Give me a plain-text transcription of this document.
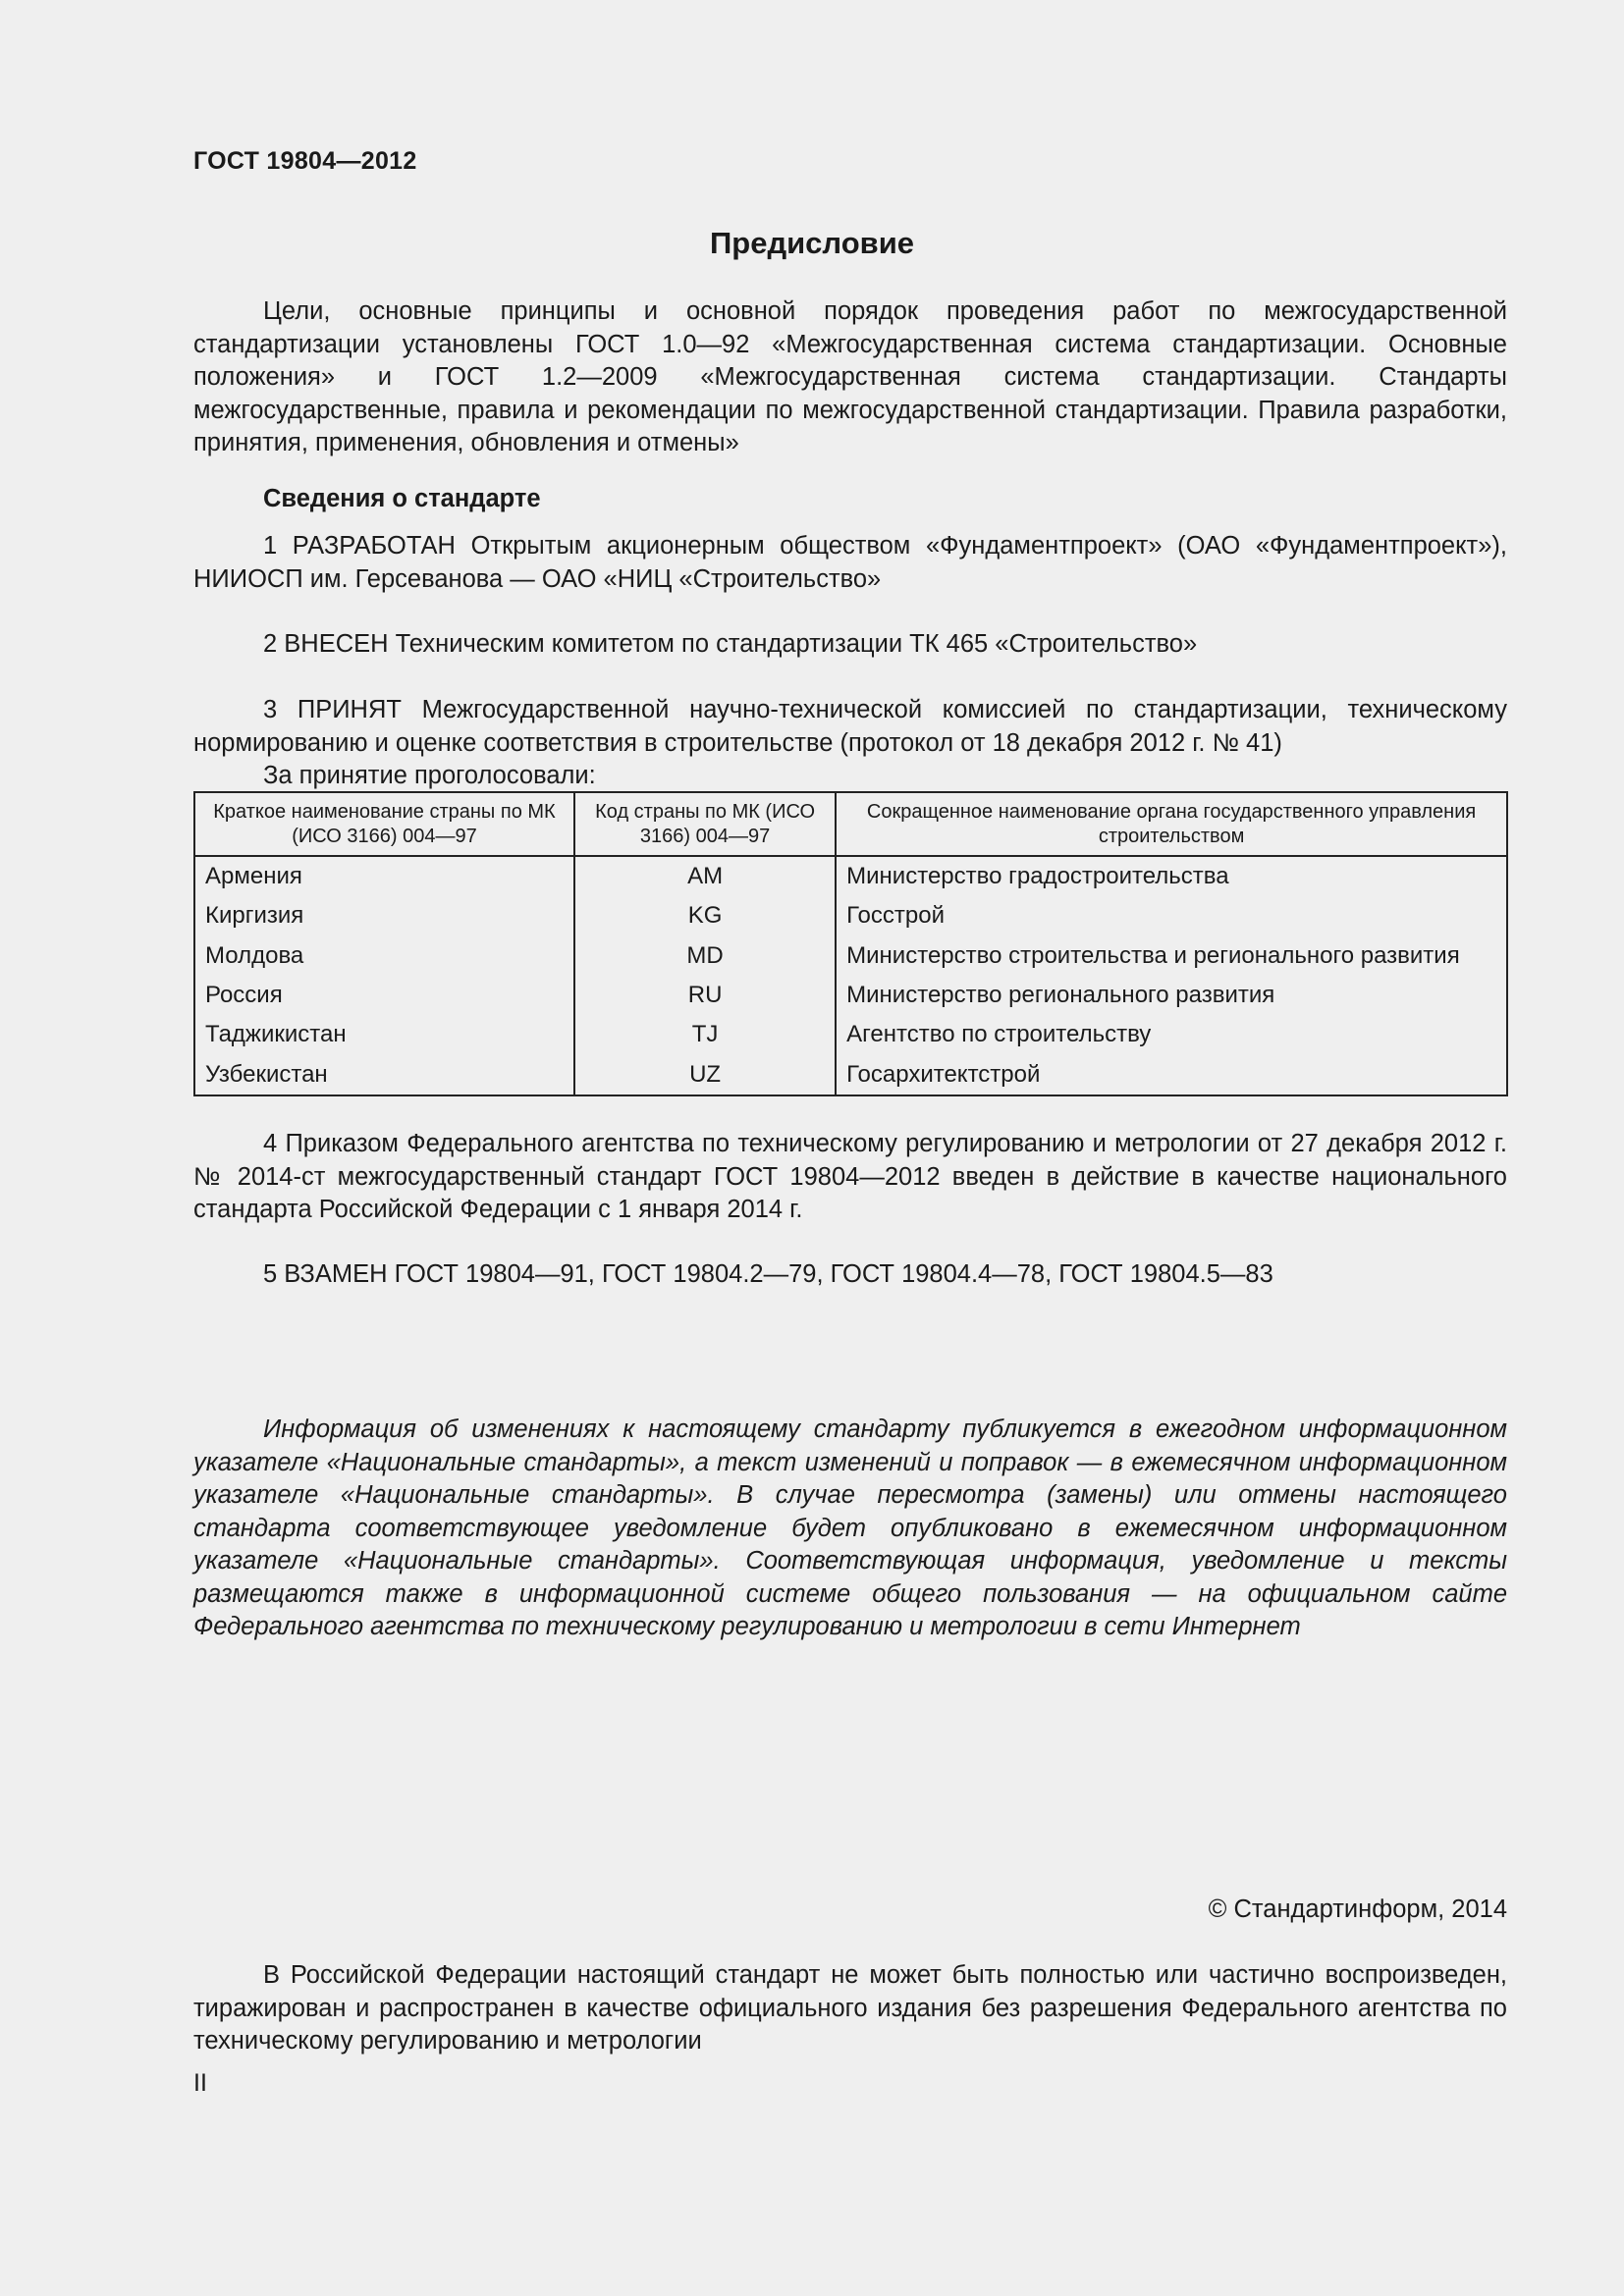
ГОСТ 19804—2012
Предисловие
Цели, основные принципы и основной порядок проведения работ по межгосударственной стандартизации установлены ГОСТ 1.0—92 «Межгосударственная система стандартизации. Основные положения» и ГОСТ 1.2—2009 «Межгосударственная система стандартизации. Стандарты межгосударственные, правила и рекомендации по межгосударственной стандартизации. Правила разработки, принятия, применения, обновления и отмены»
Сведения о стандарте
1 РАЗРАБОТАН Открытым акционерным обществом «Фундаментпроект» (ОАО «Фундаментпроект»), НИИОСП им. Герсеванова — ОАО «НИЦ «Строительство»
2 ВНЕСЕН Техническим комитетом по стандартизации ТК 465 «Строительство»
3 ПРИНЯТ Межгосударственной научно-технической комиссией по стандартизации, техническому нормированию и оценке соответствия в строительстве (протокол от 18 декабря 2012 г. № 41)
За принятие проголосовали:
Краткое наименование страны по МК (ИСО 3166) 004—97	Код страны по МК (ИСО 3166) 004—97	Сокращенное наименование органа государственного управления строительством
Армения	AM	Министерство градостроительства
Киргизия	KG	Госстрой
Молдова	MD	Министерство строительства и регионального развития
Россия	RU	Министерство регионального развития
Таджикистан	TJ	Агентство по строительству
Узбекистан	UZ	Госархитектстрой
4 Приказом Федерального агентства по техническому регулированию и метрологии от 27 декабря 2012 г. № 2014-ст межгосударственный стандарт ГОСТ 19804—2012 введен в действие в качестве национального стандарта Российской Федерации с 1 января 2014 г.
5 ВЗАМЕН ГОСТ 19804—91, ГОСТ 19804.2—79, ГОСТ 19804.4—78, ГОСТ 19804.5—83
Информация об изменениях к настоящему стандарту публикуется в ежегодном информационном указателе «Национальные стандарты», а текст изменений и поправок — в ежемесячном информационном указателе «Национальные стандарты». В случае пересмотра (замены) или отмены настоящего стандарта соответствующее уведомление будет опубликовано в ежемесячном информационном указателе «Национальные стандарты». Соответствующая информация, уведомление и тексты размещаются также в информационной системе общего пользования — на официальном сайте Федерального агентства по техническому регулированию и метрологии в сети Интернет
© Стандартинформ, 2014
В Российской Федерации настоящий стандарт не может быть полностью или частично воспроизведен, тиражирован и распространен в качестве официального издания без разрешения Федерального агентства по техническому регулированию и метрологии
II
